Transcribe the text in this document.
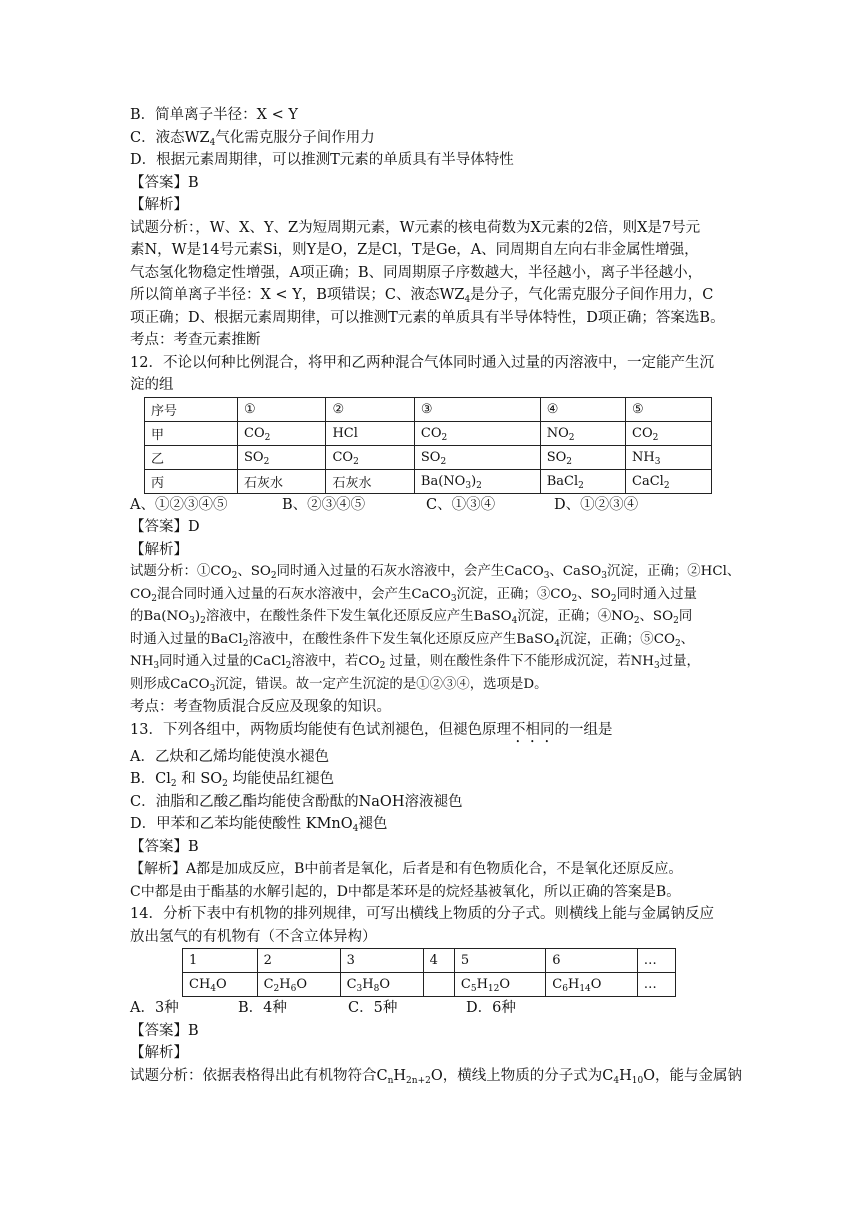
B．简单离子半径：X < Y
C．液态$WZ_4$气化需克服分子间作用力
D．根据元素周期律，可以推测T元素的单质具有半导体特性
【答案】B
【解析】
试题分析：，W、X、Y、Z为短周期元素，W元素的核电荷数为X元素的2倍，则X是7号元
素N，W是14号元素Si，则Y是O，Z是Cl，T是Ge，A、同周期自左向右非金属性增强，
气态氢化物稳定性增强，A项正确；B、同周期原子序数越大，半径越小，离子半径越小，
所以简单离子半径：X < Y，B项错误；C、液态$WZ_4$是分子，气化需克服分子间作用力，C
项正确；D、根据元素周期律，可以推测T元素的单质具有半导体特性，D项正确；答案选B。
考点：考查元素推断
12．不论以何种比例混合，将甲和乙两种混合气体同时通入过量的丙溶液中，一定能产生沉
淀的组
序号	①	②	③	④	⑤
甲	$CO_2$	HCl	$CO_2$	$NO_2$	$CO_2$
乙	$SO_2$	$CO_2$	$SO_2$	$SO_2$	$NH_3$
丙	石灰水	石灰水	$Ba(NO_3)_2$	BaCl$_2$	CaCl$_2$
A、①②③④⑤	B、②③④⑤	C、①③④	D、①②③④
【答案】D
【解析】
试题分析：$①CO_2$、$SO_2$同时通入过量的石灰水溶液中，会产生CaCO$_3$、CaSO$_3$沉淀，正确；②HCl、
$CO_2$混合同时通入过量的石灰水溶液中，会产生CaCO$_3$沉淀，正确；$③CO_2$、$SO_2$同时通入过量
的$Ba(NO_3)_2$溶液中，在酸性条件下发生氧化还原反应产生BaSO$_4$沉淀，正确；$④NO_2$、$SO_2$同
时通入过量的BaCl$_2$溶液中，在酸性条件下发生氧化还原反应产生BaSO$_4$沉淀，正确；$⑤CO_2$、
$NH_3$同时通入过量的CaCl$_2$溶液中，若$CO_2$ 过量，则在酸性条件下不能形成沉淀，若$NH_3$过量，
则形成CaCO$_3$沉淀，错误。故一定产生沉淀的是①②③④，选项是D。
考点：考查物质混合反应及现象的知识。
13．下列各组中，两物质均能使有色试剂褪色，但褪色原理不相同的一组是
A．乙炔和乙烯均能使溴水褪色
B．$Cl_2$ 和 $SO_2$ 均能使品红褪色
C．油脂和乙酸乙酯均能使含酚酞的NaOH溶液褪色
D．甲苯和乙苯均能使酸性 KMnO$_4$褪色
【答案】B
【解析】A都是加成反应，B中前者是氧化，后者是和有色物质化合，不是氧化还原反应。
C中都是由于酯基的水解引起的，D中都是苯环是的烷烃基被氧化，所以正确的答案是B。
14．分析下表中有机物的排列规律，可写出横线上物质的分子式。则横线上能与金属钠反应
放出氢气的有机物有（不含立体异构）
1	2	3	4	5	6	…
$CH_4O$	$C_2H_6O$	$C_3H_8O$		$C_5H_{12}O$	$C_6H_{14}O$	…
A．3种	B．4种	C．5种	D．6种
【答案】B
【解析】
试题分析：依据表格得出此有机物符合$C_nH_{2n+2}O$，横线上物质的分子式为$C_4H_{10}O$，能与金属钠
